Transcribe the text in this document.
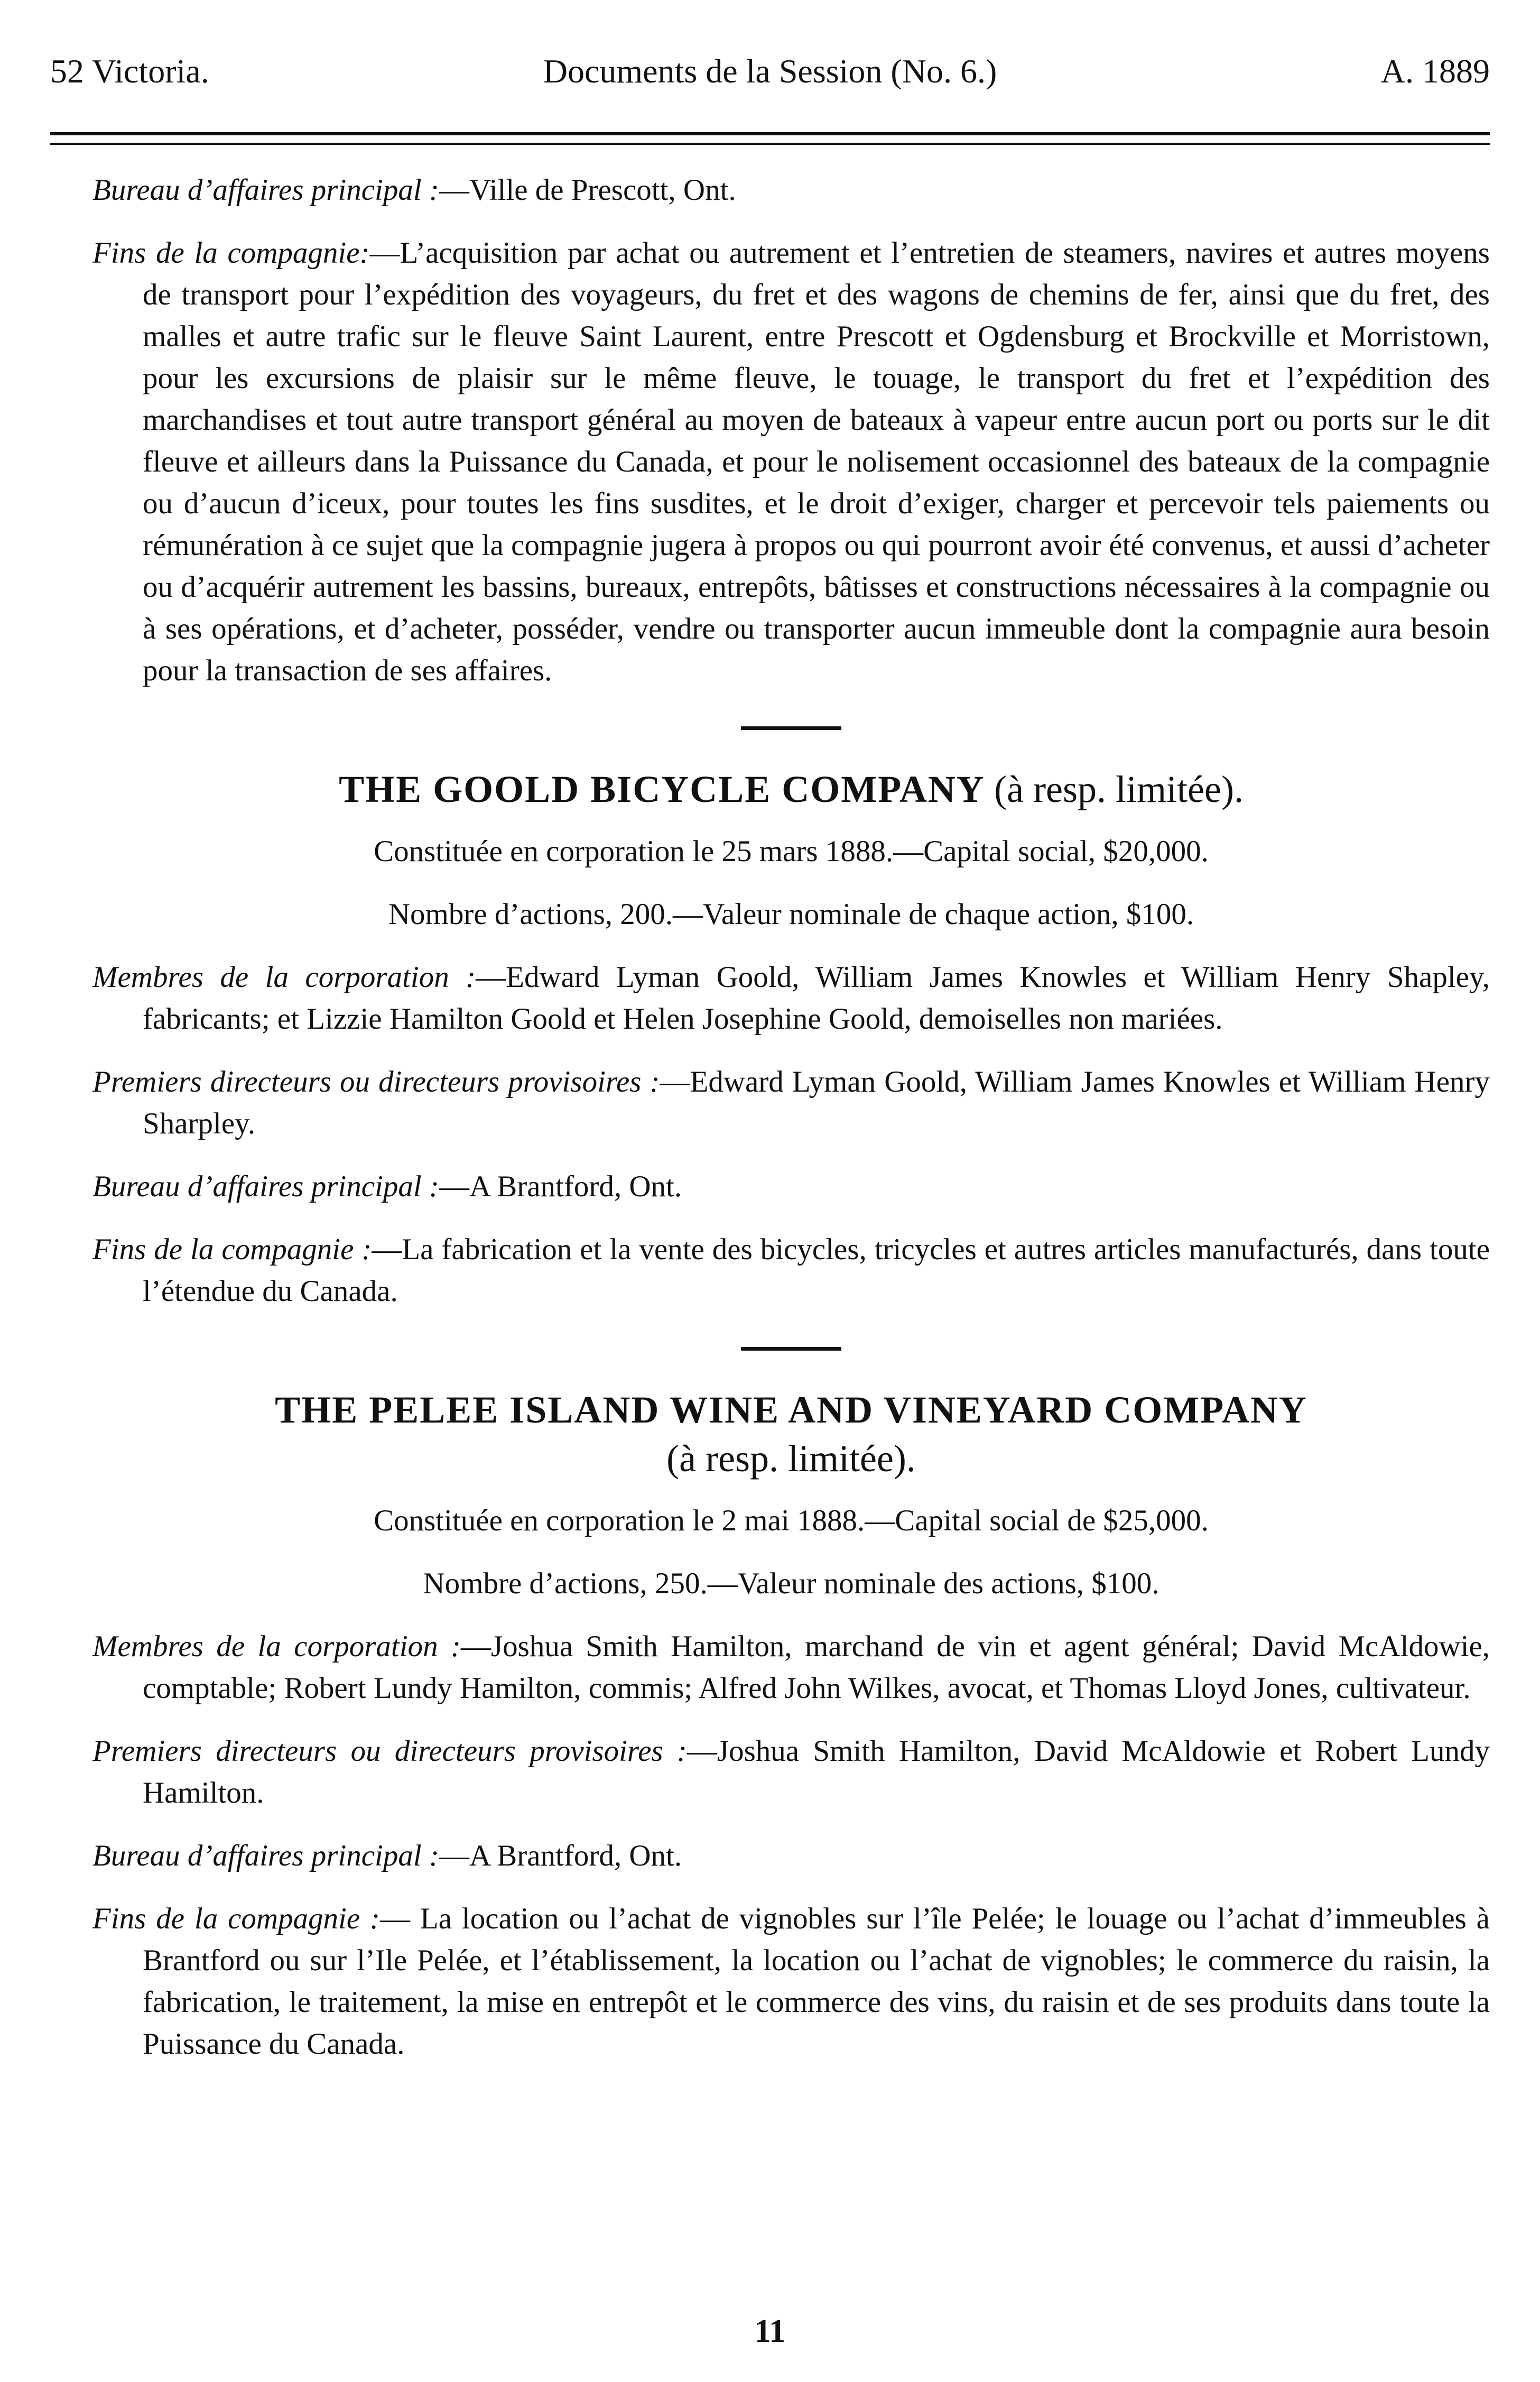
52 Victoria.	Documents de la Session (No. 6.)	A. 1889

Bureau d’affaires principal :—Ville de Prescott, Ont.

Fins de la compagnie:—L’acquisition par achat ou autrement et l’entretien de steamers, navires et autres moyens de transport pour l’expédition des voyageurs, du fret et des wagons de chemins de fer, ainsi que du fret, des malles et autre trafic sur le fleuve Saint Laurent, entre Prescott et Ogdensburg et Brockville et Morristown, pour les excursions de plaisir sur le même fleuve, le touage, le transport du fret et l’expédition des marchandises et tout autre transport général au moyen de bateaux à vapeur entre aucun port ou ports sur le dit fleuve et ailleurs dans la Puissance du Canada, et pour le nolisement occasionnel des bateaux de la compagnie ou d’aucun d’iceux, pour toutes les fins susdites, et le droit d’exiger, charger et percevoir tels paiements ou rémunération à ce sujet que la compagnie jugera à propos ou qui pourront avoir été convenus, et aussi d’acheter ou d’acquérir autrement les bassins, bureaux, entrepôts, bâtisses et constructions nécessaires à la compagnie ou à ses opérations, et d’acheter, posséder, vendre ou transporter aucun immeuble dont la compagnie aura besoin pour la transaction de ses affaires.

THE GOOLD BICYCLE COMPANY (à resp. limitée).

Constituée en corporation le 25 mars 1888.—Capital social, $20,000.

Nombre d’actions, 200.—Valeur nominale de chaque action, $100.

Membres de la corporation :—Edward Lyman Goold, William James Knowles et William Henry Shapley, fabricants; et Lizzie Hamilton Goold et Helen Josephine Goold, demoiselles non mariées.

Premiers directeurs ou directeurs provisoires :—Edward Lyman Goold, William James Knowles et William Henry Sharpley.

Bureau d’affaires principal :—A Brantford, Ont.

Fins de la compagnie :—La fabrication et la vente des bicycles, tricycles et autres articles manufacturés, dans toute l’étendue du Canada.

THE PELEE ISLAND WINE AND VINEYARD COMPANY
(à resp. limitée).

Constituée en corporation le 2 mai 1888.—Capital social de $25,000.

Nombre d’actions, 250.—Valeur nominale des actions, $100.

Membres de la corporation :—Joshua Smith Hamilton, marchand de vin et agent général; David McAldowie, comptable; Robert Lundy Hamilton, commis; Alfred John Wilkes, avocat, et Thomas Lloyd Jones, cultivateur.

Premiers directeurs ou directeurs provisoires :—Joshua Smith Hamilton, David McAldowie et Robert Lundy Hamilton.

Bureau d’affaires principal :—A Brantford, Ont.

Fins de la compagnie :— La location ou l’achat de vignobles sur l’île Pelée; le louage ou l’achat d’immeubles à Brantford ou sur l’Ile Pelée, et l’établissement, la location ou l’achat de vignobles; le commerce du raisin, la fabrication, le traitement, la mise en entrepôt et le commerce des vins, du raisin et de ses produits dans toute la Puissance du Canada.

11
